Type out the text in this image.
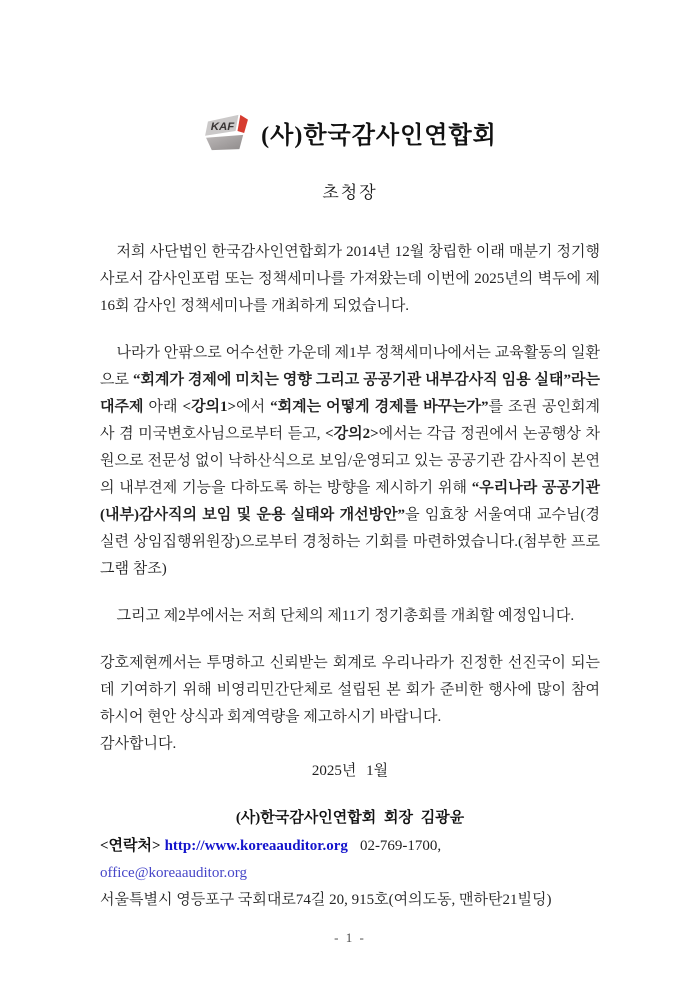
KAF (사)한국감사인연합회
초청장

저희 사단법인 한국감사인연합회가 2014년 12월 창립한 이래 매분기 정기행사로서 감사인포럼 또는 정책세미나를 가져왔는데 이번에 2025년의 벽두에 제16회 감사인 정책세미나를 개최하게 되었습니다.

나라가 안팎으로 어수선한 가운데 제1부 정책세미나에서는 교육활동의 일환으로 “회계가 경제에 미치는 영향 그리고 공공기관 내부감사직 임용 실태”라는 대주제 아래 <강의1>에서 “회계는 어떻게 경제를 바꾸는가”를 조권 공인회계사 겸 미국변호사님으로부터 듣고, <강의2>에서는 각급 정권에서 논공행상 차원으로 전문성 없이 낙하산식으로 보임/운영되고 있는 공공기관 감사직이 본연의 내부견제 기능을 다하도록 하는 방향을 제시하기 위해 “우리나라 공공기관 (내부)감사직의 보임 및 운용 실태와 개선방안”을 임효창 서울여대 교수님(경실련 상임집행위원장)으로부터 경청하는 기회를 마련하였습니다.(첨부한 프로그램 참조)

그리고 제2부에서는 저희 단체의 제11기 정기총회를 개최할 예정입니다.

강호제현께서는 투명하고 신뢰받는 회계로 우리나라가 진정한 선진국이 되는데 기여하기 위해 비영리민간단체로 설립된 본 회가 준비한 행사에 많이 참여하시어 현안 상식과 회계역량을 제고하시기 바랍니다.

감사합니다.

2025년 1월

(사)한국감사인연합회 회장 김광윤

<연락처> http://www.koreaauditor.org 02-769-1700,

office@koreaauditor.org

서울특별시 영등포구 국회대로74길 20, 915호(여의도동, 맨하탄21빌딩)

- 1 -
